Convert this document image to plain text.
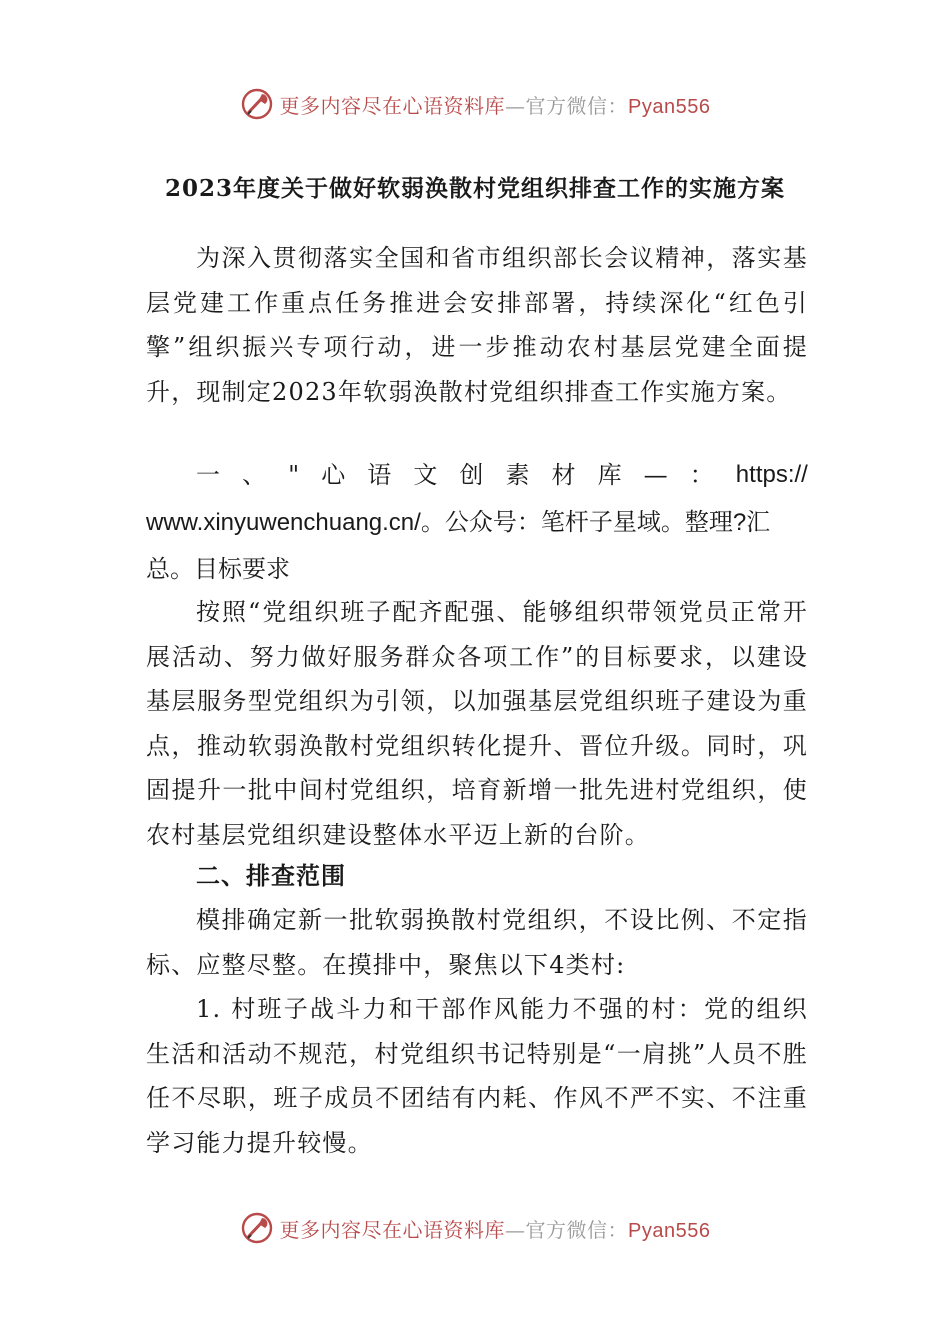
更多内容尽在心语资料库—官方微信：Pyan556
2023年度关于做好软弱涣散村党组织排查工作的实施方案

为深入贯彻落实全国和省市组织部长会议精神，落实基层党建工作重点任务推进会安排部署，持续深化“红色引擎”组织振兴专项行动，进一步推动农村基层党建全面提升，现制定2023年软弱涣散村党组织排查工作实施方案。

一 、 " 心 语 文 创 素 材 库 — ： https://
www.xinyuwenchuang.cn/。公众号：笔杆子星域。整理?汇
总。目标要求

按照“党组织班子配齐配强、能够组织带领党员正常开展活动、努力做好服务群众各项工作”的目标要求，以建设基层服务型党组织为引领，以加强基层党组织班子建设为重点，推动软弱涣散村党组织转化提升、晋位升级。同时，巩固提升一批中间村党组织，培育新增一批先进村党组织，使农村基层党组织建设整体水平迈上新的台阶。

二、排查范围

模排确定新一批软弱换散村党组织，不设比例、不定指标、应整尽整。在摸排中，聚焦以下4类村:

1. 村班子战斗力和干部作风能力不强的村：党的组织生活和活动不规范，村党组织书记特别是“一肩挑”人员不胜任不尽职，班子成员不团结有内耗、作风不严不实、不注重学习能力提升较慢。

更多内容尽在心语资料库—官方微信：Pyan556
